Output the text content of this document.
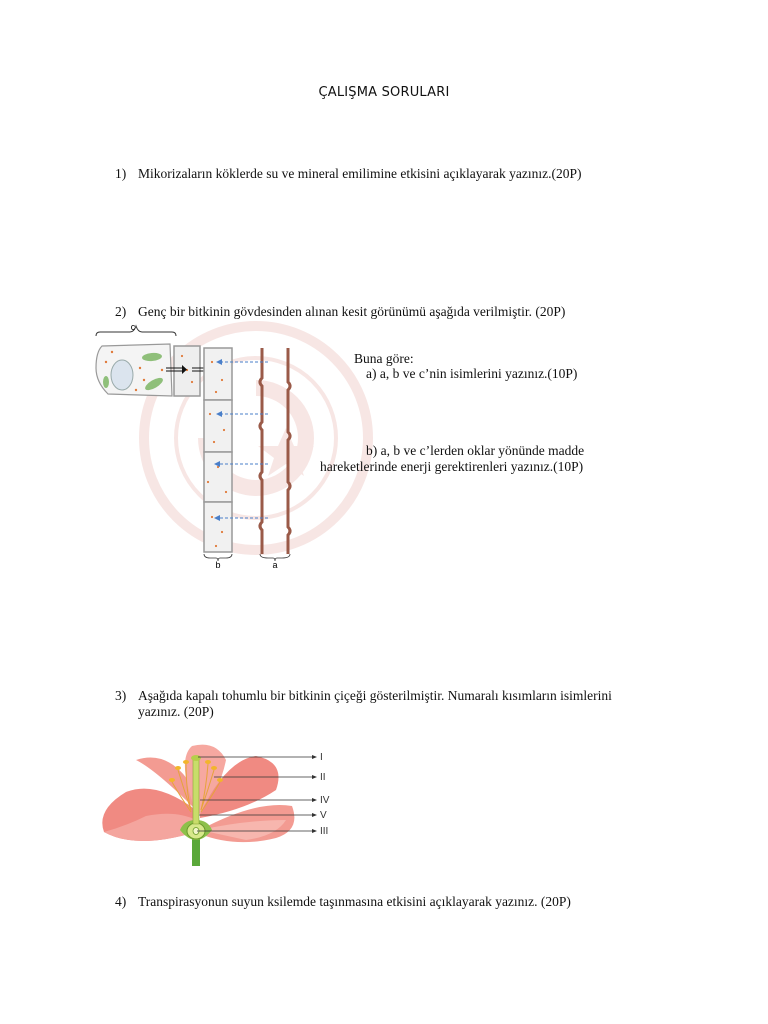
ÇALIŞMA SORULARI
1) Mikorizaların köklerde su ve mineral emilimine etkisini açıklayarak yazınız.(20P)
2) Genç bir bitkinin gövdesinden alınan kesit görünümü aşağıda verilmiştir. (20P)
c
b	a
Buna göre:
a) a, b ve c’nin isimlerini yazınız.(10P)
b) a, b ve c’lerden oklar yönünde madde
hareketlerinde enerji gerektirenleri yazınız.(10P)
3) Aşağıda kapalı tohumlu bir bitkinin çiçeği gösterilmiştir. Numaralı kısımların isimlerini yazınız. (20P)
I
II
IV
V
III
4) Transpirasyonun suyun ksilemde taşınmasına etkisini açıklayarak yazınız. (20P)
